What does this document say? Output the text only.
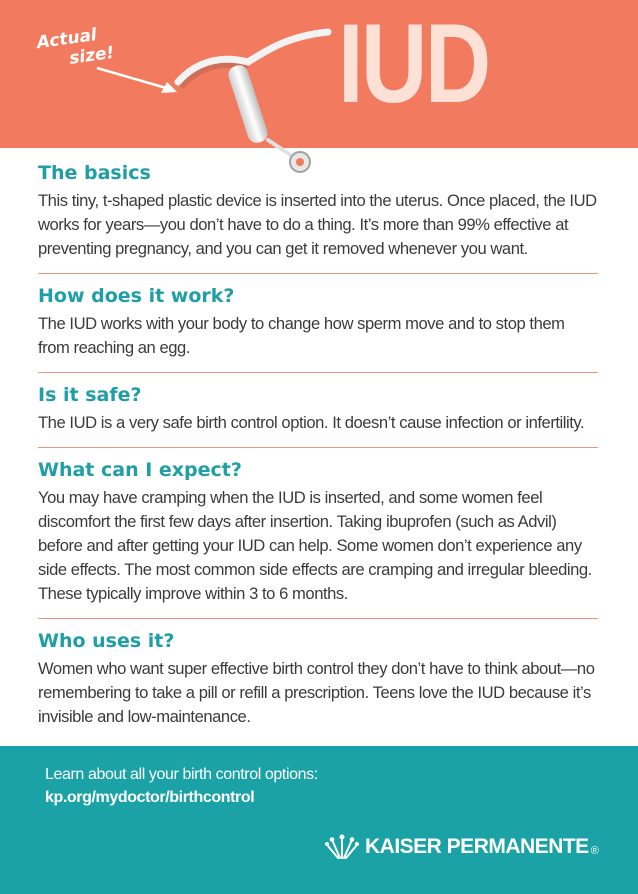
Actual
size! IUD
The basics
This tiny, t-shaped plastic device is inserted into the uterus. Once placed, the IUD works for years—you don’t have to do a thing. It’s more than 99% effective at preventing pregnancy, and you can get it removed whenever you want.
How does it work?
The IUD works with your body to change how sperm move and to stop them from reaching an egg.
Is it safe?
The IUD is a very safe birth control option. It doesn’t cause infection or infertility.
What can I expect?
You may have cramping when the IUD is inserted, and some women feel discomfort the first few days after insertion. Taking ibuprofen (such as Advil) before and after getting your IUD can help. Some women don’t experience any side effects. The most common side effects are cramping and irregular bleeding. These typically improve within 3 to 6 months.
Who uses it?
Women who want super effective birth control they don’t have to think about—no remembering to take a pill or refill a prescription. Teens love the IUD because it’s invisible and low-maintenance.
Learn about all your birth control options:
kp.org/mydoctor/birthcontrol
KAISER PERMANENTE ®
